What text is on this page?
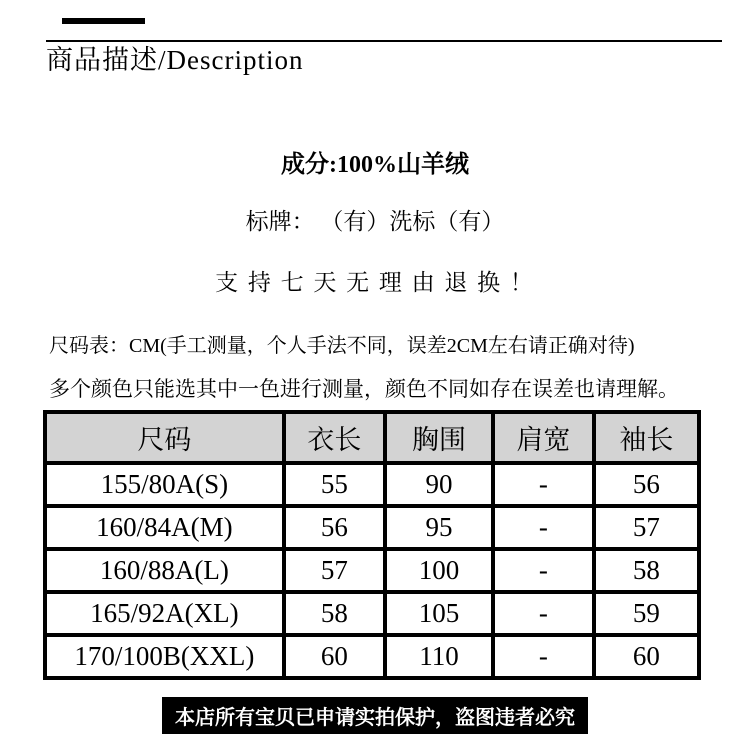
商品描述/Description
成分:100%山羊绒
标牌： （有）洗标（有）
支 持 七 天 无 理 由 退 换 ！
尺码表：CM(手工测量，个人手法不同，误差2CM左右请正确对待)
多个颜色只能选其中一色进行测量，颜色不同如存在误差也请理解。
尺码	衣长	胸围	肩宽	袖长
155/80A(S)	55	90	-	56
160/84A(M)	56	95	-	57
160/88A(L)	57	100	-	58
165/92A(XL)	58	105	-	59
170/100B(XXL)	60	110	-	60
本店所有宝贝已申请实拍保护，盗图违者必究
